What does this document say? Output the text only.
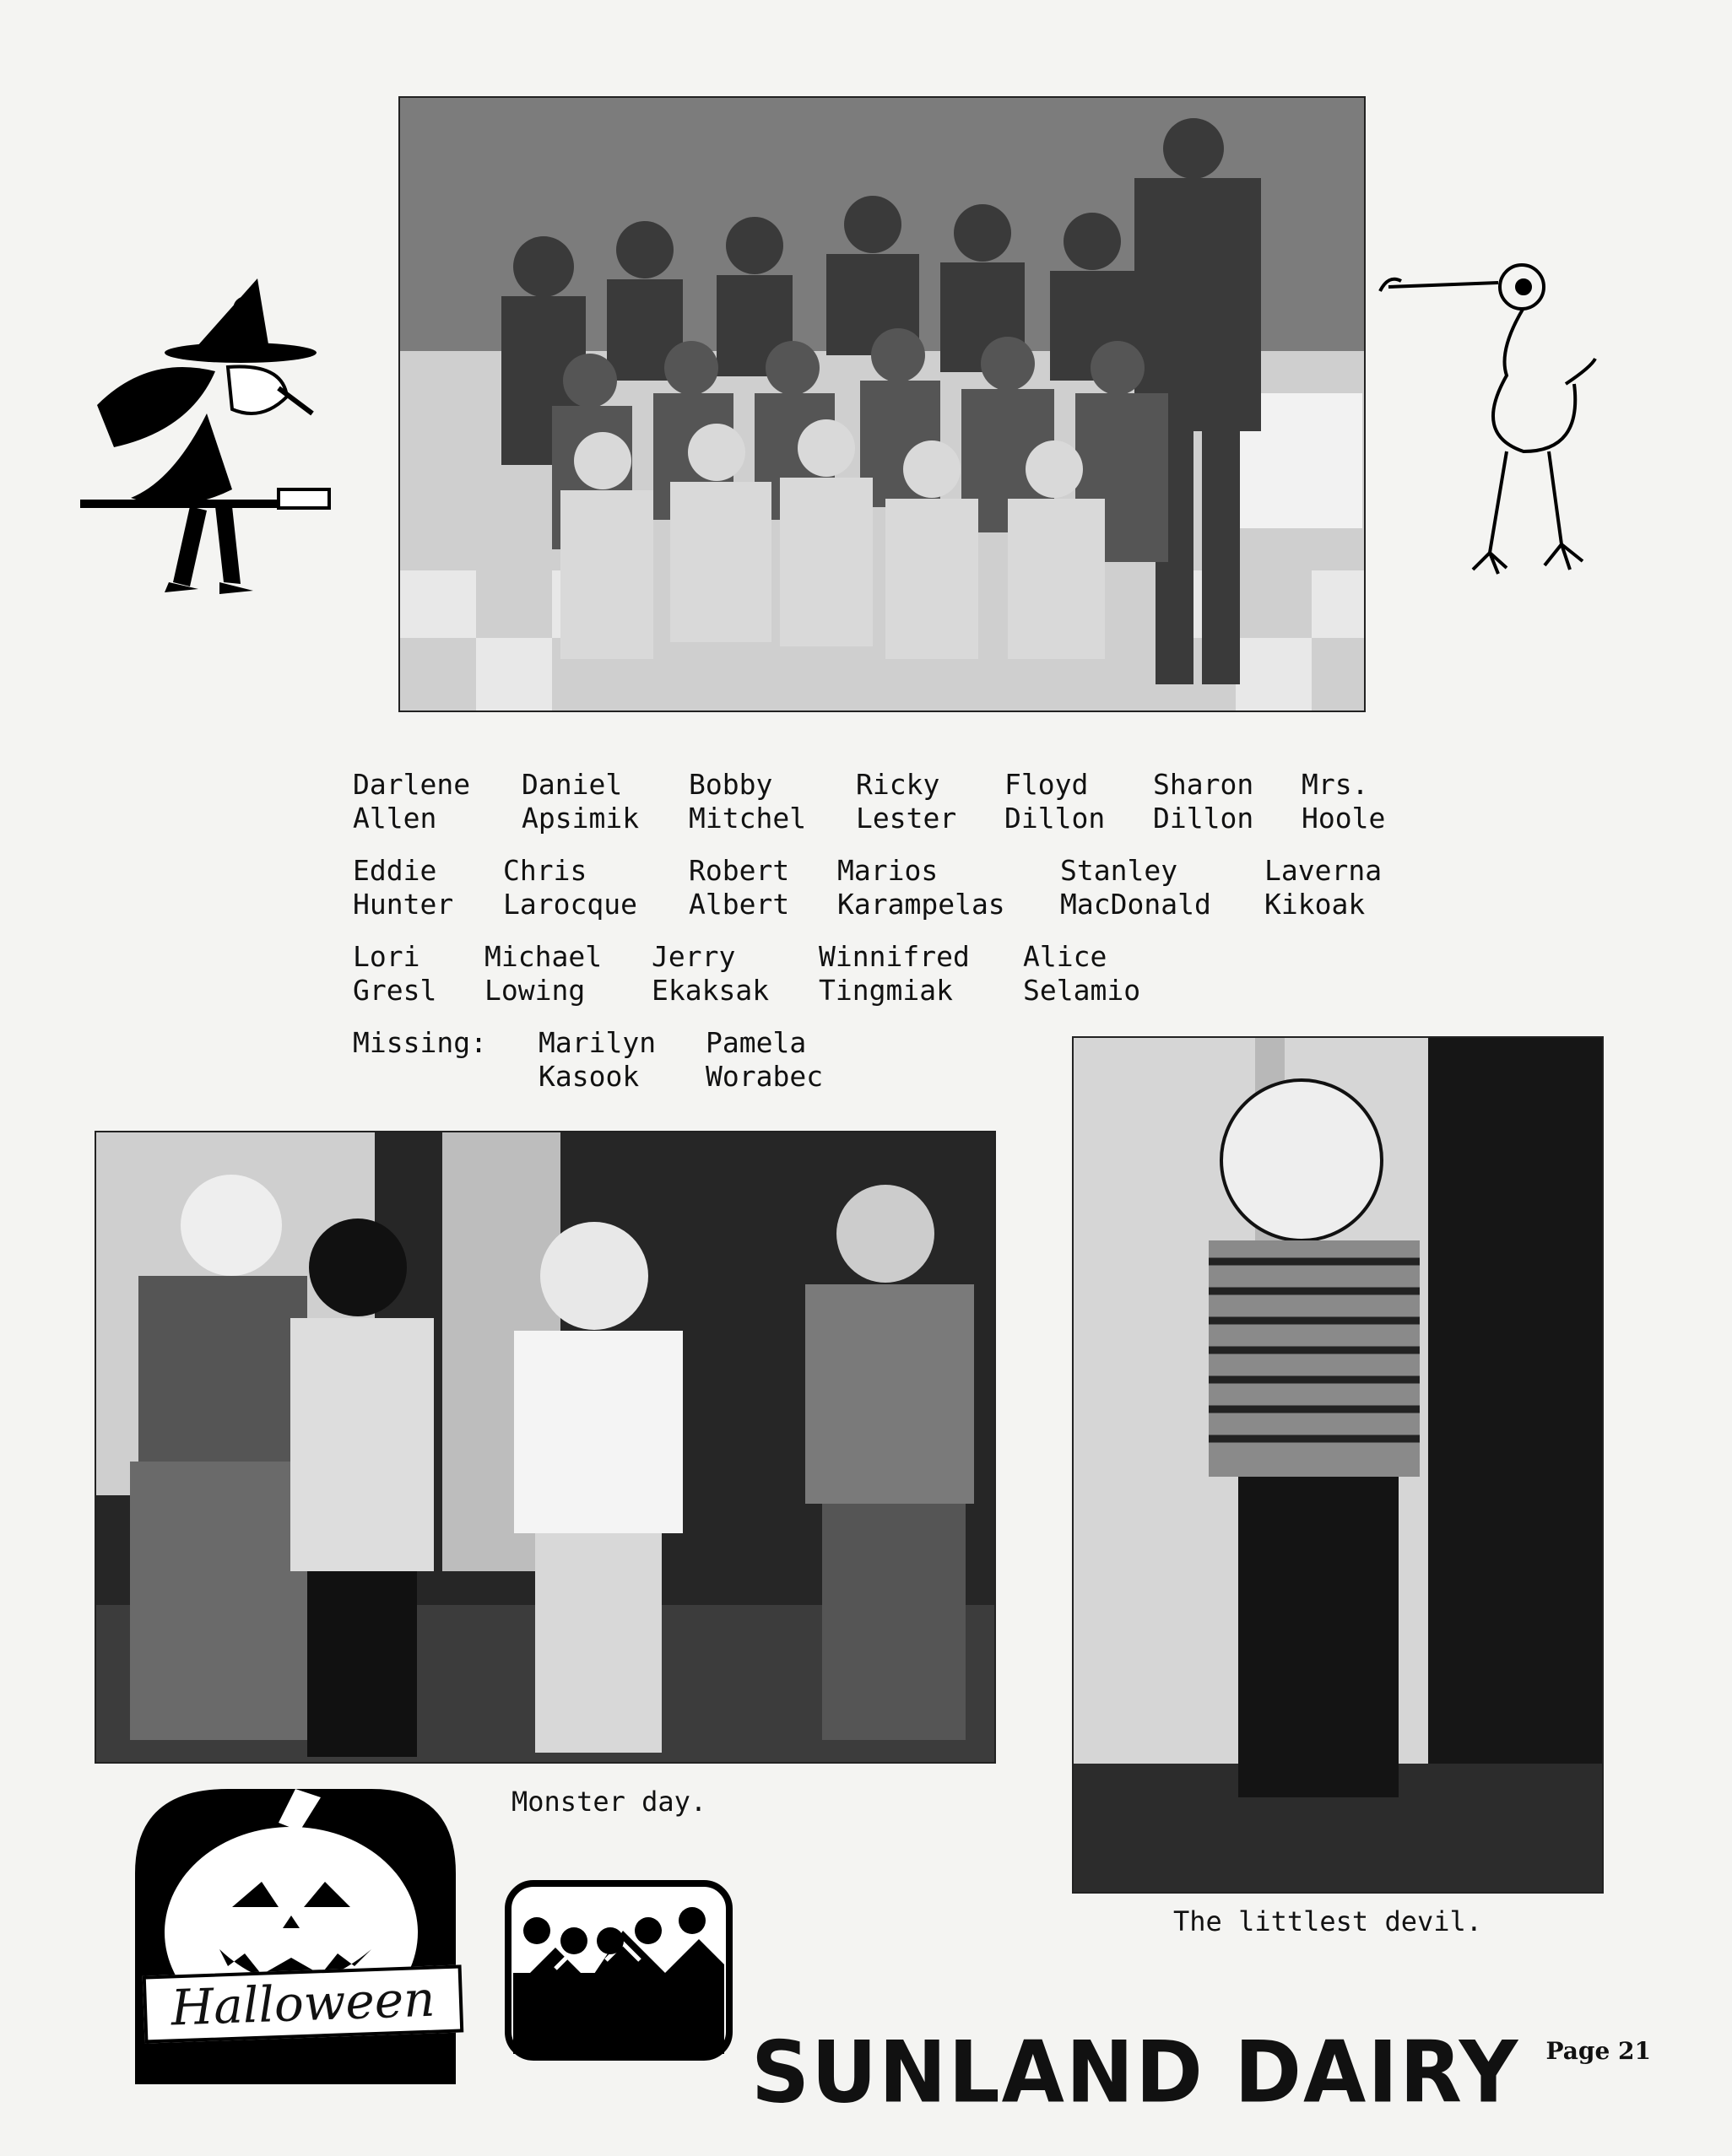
Darlene
Allen
Daniel
Apsimik
Bobby
Mitchel
Ricky
Lester
Floyd
Dillon
Sharon
Dillon
Mrs.
Hoole
Eddie
Hunter
Chris
Larocque
Robert
Albert
Marios
Karampelas
Stanley
MacDonald
Laverna
Kikoak
Lori
Gresl
Michael
Lowing
Jerry
Ekaksak
Winnifred
Tingmiak
Alice
Selamio
Missing:	Marilyn
Kasook
Pamela
Worabec
Monster day.
The littlest devil.
Halloween
SUNLAND DAIRY Page 21
